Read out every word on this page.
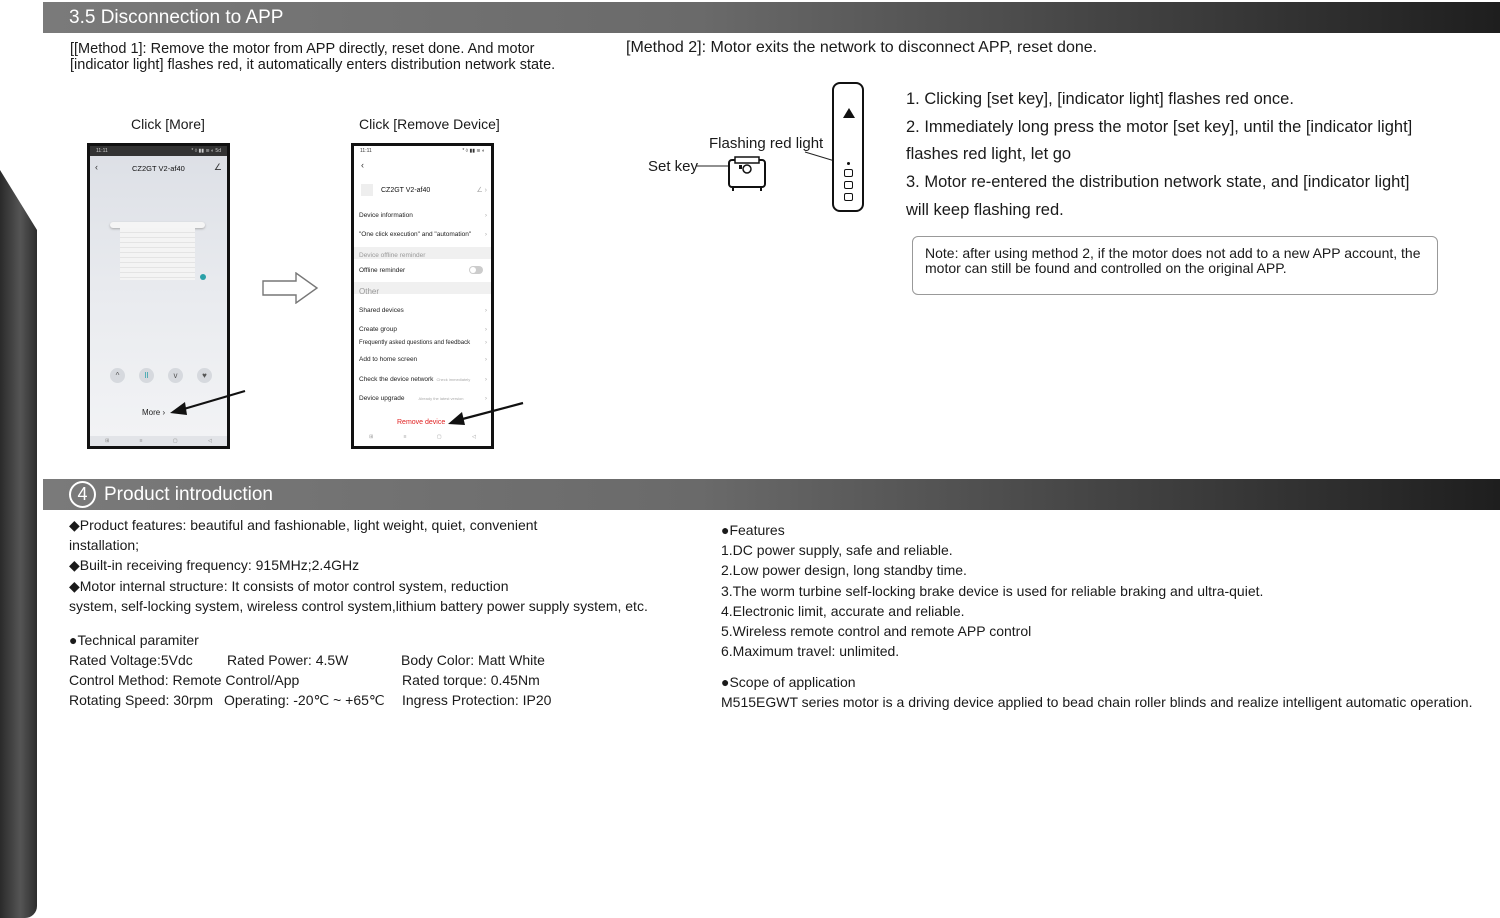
3.5 Disconnection to APP
[[Method 1]: Remove the motor from APP directly, reset done. And motor
[indicator light] flashes red, it automatically enters distribution network state.
Click [More]	Click [Remove Device]
11:11	* ◊ ▮▮ ≋ ◐ 5d
‹	CZ2GT V2-af40	∠
^	II	v	♥
More ›
⊞	≡	▢	◁
11:11	* ◊ ▮▮ ≋ ◐
‹
CZ2GT V2-af40	∠ ›
Device information	›
"One click execution" and "automation" ›
Device offline reminder
Offline reminder
Other
Shared devices	›
Create group	›
Frequently asked questions and feedback ›
Add to home screen	›
Check the device network Check immediately ›
Device upgrade	Already the latest version	›
Remove device
⊞	≡	▢	◁
[Method 2]: Motor exits the network to disconnect APP, reset done.
Flashing red light
Set key
1. Clicking [set key], [indicator light] flashes red once.
2. Immediately long press the motor [set key], until the [indicator light]
flashes red light, let go
3. Motor re-entered the distribution network state, and [indicator light]
will keep flashing red.
Note: after using method 2, if the motor does not add to a new APP account, the
motor can still be found and controlled on the original APP.
4 Product introduction
◆Product features: beautiful and fashionable, light weight, quiet, convenient
installation;
◆Built-in receiving frequency: 915MHz;2.4GHz
◆Motor internal structure: It consists of motor control system, reduction
system, self-locking system, wireless control system,lithium battery power supply system, etc.
●Technical paramiter
Rated Voltage:5Vdc Rated Power: 4.5W	Body Color: Matt White
Control Method: Remote Control/App	Rated torque: 0.45Nm
Rotating Speed: 30rpm Operating: -20℃ ~ +65℃ Ingress Protection: IP20
●Features
1.DC power supply, safe and reliable.
2.Low power design, long standby time.
3.The worm turbine self-locking brake device is used for reliable braking and ultra-quiet.
4.Electronic limit, accurate and reliable.
5.Wireless remote control and remote APP control
6.Maximum travel: unlimited.
●Scope of application
M515EGWT series motor is a driving device applied to bead chain roller blinds and realize intelligent automatic operation.
